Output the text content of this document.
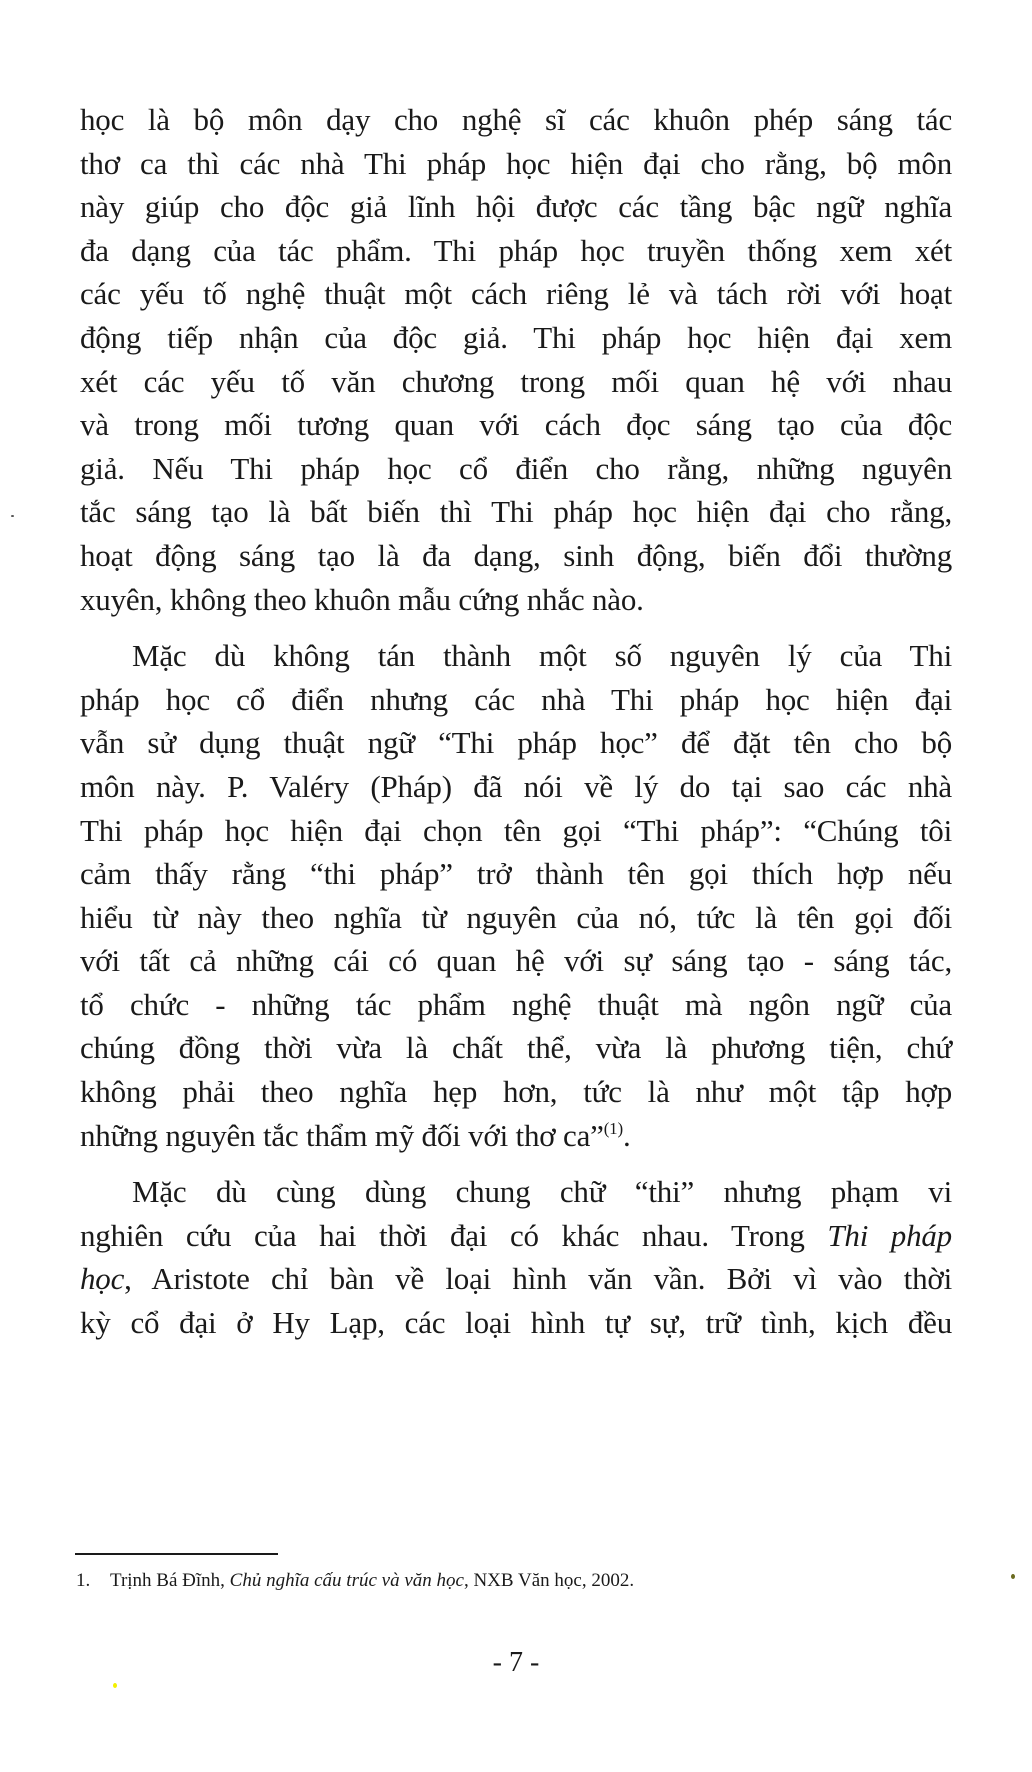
học là bộ môn dạy cho nghệ sĩ các khuôn phép sáng tác
thơ ca thì các nhà Thi pháp học hiện đại cho rằng, bộ môn
này giúp cho độc giả lĩnh hội được các tầng bậc ngữ nghĩa
đa dạng của tác phẩm. Thi pháp học truyền thống xem xét
các yếu tố nghệ thuật một cách riêng lẻ và tách rời với hoạt
động tiếp nhận của độc giả. Thi pháp học hiện đại xem
xét các yếu tố văn chương trong mối quan hệ với nhau
và trong mối tương quan với cách đọc sáng tạo của độc
giả. Nếu Thi pháp học cổ điển cho rằng, những nguyên
tắc sáng tạo là bất biến thì Thi pháp học hiện đại cho rằng,
hoạt động sáng tạo là đa dạng, sinh động, biến đổi thường
xuyên, không theo khuôn mẫu cứng nhắc nào.

Mặc dù không tán thành một số nguyên lý của Thi
pháp học cổ điển nhưng các nhà Thi pháp học hiện đại
vẫn sử dụng thuật ngữ “Thi pháp học” để đặt tên cho bộ
môn này. P. Valéry (Pháp) đã nói về lý do tại sao các nhà
Thi pháp học hiện đại chọn tên gọi “Thi pháp”: “Chúng tôi
cảm thấy rằng “thi pháp” trở thành tên gọi thích hợp nếu
hiểu từ này theo nghĩa từ nguyên của nó, tức là tên gọi đối
với tất cả những cái có quan hệ với sự sáng tạo - sáng tác,
tổ chức - những tác phẩm nghệ thuật mà ngôn ngữ của
chúng đồng thời vừa là chất thể, vừa là phương tiện, chứ
không phải theo nghĩa hẹp hơn, tức là như một tập hợp
những nguyên tắc thẩm mỹ đối với thơ ca”$^{(1)}$.

Mặc dù cùng dùng chung chữ “thi” nhưng phạm vi
nghiên cứu của hai thời đại có khác nhau. Trong Thi pháp
học, Aristote chỉ bàn về loại hình văn vần. Bởi vì vào thời
kỳ cổ đại ở Hy Lạp, các loại hình tự sự, trữ tình, kịch đều

1. Trịnh Bá Đĩnh, Chủ nghĩa cấu trúc và văn học, NXB Văn học, 2002.
- 7 -
